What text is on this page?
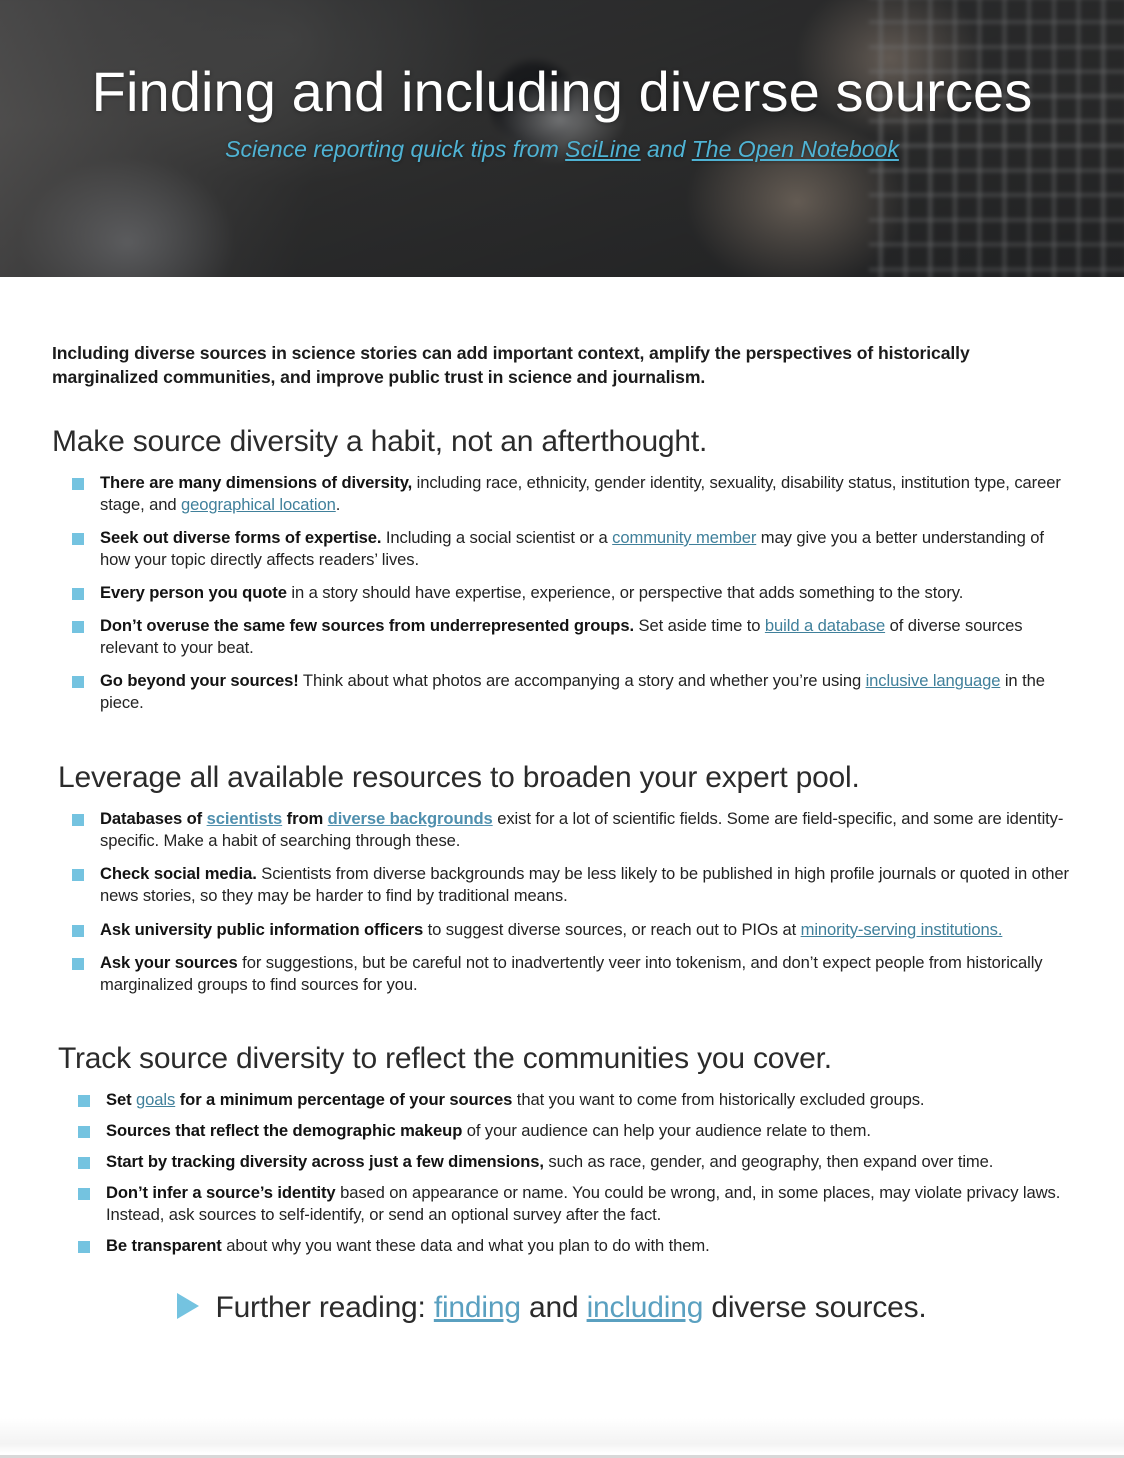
Finding and including diverse sources
Science reporting quick tips from SciLine and The Open Notebook

Including diverse sources in science stories can add important context, amplify the perspectives of historically marginalized communities, and improve public trust in science and journalism.

Make source diversity a habit, not an afterthought.
There are many dimensions of diversity, including race, ethnicity, gender identity, sexuality, disability status, institution type, career stage, and geographical location.
Seek out diverse forms of expertise. Including a social scientist or a community member may give you a better understanding of how your topic directly affects readers’ lives.
Every person you quote in a story should have expertise, experience, or perspective that adds something to the story.
Don’t overuse the same few sources from underrepresented groups. Set aside time to build a database of diverse sources relevant to your beat.
Go beyond your sources! Think about what photos are accompanying a story and whether you’re using inclusive language in the piece.
Leverage all available resources to broaden your expert pool.
Databases of scientists from diverse backgrounds exist for a lot of scientific fields. Some are field-specific, and some are identity-specific. Make a habit of searching through these.
Check social media. Scientists from diverse backgrounds may be less likely to be published in high profile journals or quoted in other news stories, so they may be harder to find by traditional means.
Ask university public information officers to suggest diverse sources, or reach out to PIOs at minority-serving institutions.
Ask your sources for suggestions, but be careful not to inadvertently veer into tokenism, and don’t expect people from historically marginalized groups to find sources for you.
Track source diversity to reflect the communities you cover.
Set goals for a minimum percentage of your sources that you want to come from historically excluded groups.
Sources that reflect the demographic makeup of your audience can help your audience relate to them.
Start by tracking diversity across just a few dimensions, such as race, gender, and geography, then expand over time.
Don’t infer a source’s identity based on appearance or name. You could be wrong, and, in some places, may violate privacy laws. Instead, ask sources to self-identify, or send an optional survey after the fact.
Be transparent about why you want these data and what you plan to do with them.
Further reading: finding and including diverse sources.
